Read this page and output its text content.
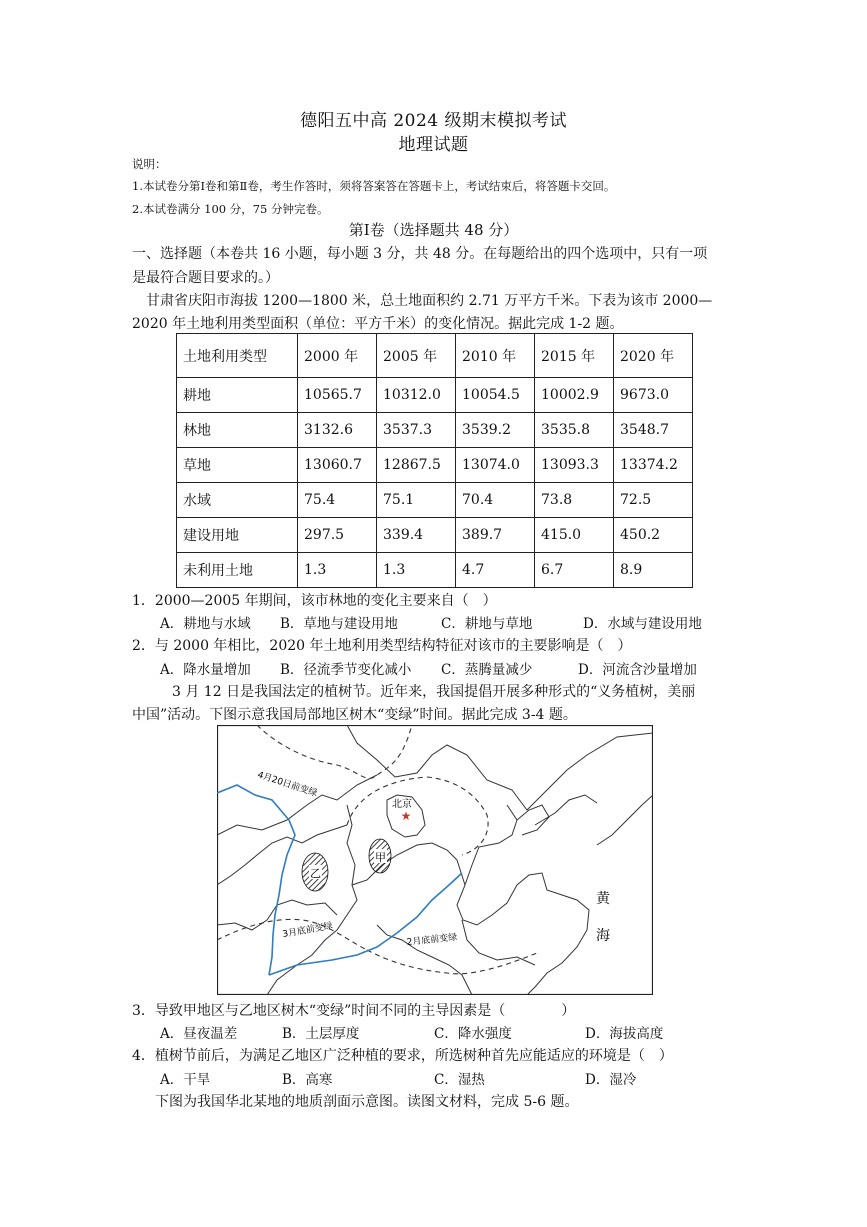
德阳五中高 2024 级期末模拟考试
地理试题
说明：
1.本试卷分第Ⅰ卷和第Ⅱ卷，考生作答时，须将答案答在答题卡上，考试结束后，将答题卡交回。
2.本试卷满分 100 分，75 分钟完卷。
第Ⅰ卷（选择题共 48 分）
一、选择题（本卷共 16 小题，每小题 3 分，共 48 分。在每题给出的四个选项中，只有一项
是最符合题目要求的。）
甘肃省庆阳市海拔 1200—1800 米，总土地面积约 2.71 万平方千米。下表为该市 2000—
2020 年土地利用类型面积（单位：平方千米）的变化情况。据此完成 1-2 题。
土地利用类型	2000 年	2005 年	2010 年	2015 年	2020 年
耕地	10565.7	10312.0	10054.5	10002.9	9673.0
林地	3132.6	3537.3	3539.2	3535.8	3548.7
草地	13060.7	12867.5	13074.0	13093.3	13374.2
水域	75.4	75.1	70.4	73.8	72.5
建设用地	297.5	339.4	389.7	415.0	450.2
未利用土地	1.3	1.3	4.7	6.7	8.9
1．2000—2005 年期间，该市林地的变化主要来自（　）
A．耕地与水域 B．草地与建设用地	C．耕地与草地	D．水域与建设用地
2．与 2000 年相比，2020 年土地利用类型结构特征对该市的主要影响是（　）
A．降水量增加 B．径流季节变化减小 C．蒸腾量减少	D．河流含沙量增加
3 月 12 日是我国法定的植树节。近年来，我国提倡开展多种形式的“义务植树，美丽
中国”活动。下图示意我国局部地区树木“变绿”时间。据此完成 3-4 题。
乙
甲
北京
★
4月20日前变绿
3月底前变绿
2月底前变绿
黄
海
3．导致甲地区与乙地区树木“变绿”时间不同的主导因素是（　　　　）
A．昼夜温差	B．土层厚度	C．降水强度	D．海拔高度
4．植树节前后，为满足乙地区广泛种植的要求，所选树种首先应能适应的环境是（　）
A．干旱	B．高寒	C．湿热	D．湿冷
下图为我国华北某地的地质剖面示意图。读图文材料，完成 5-6 题。
